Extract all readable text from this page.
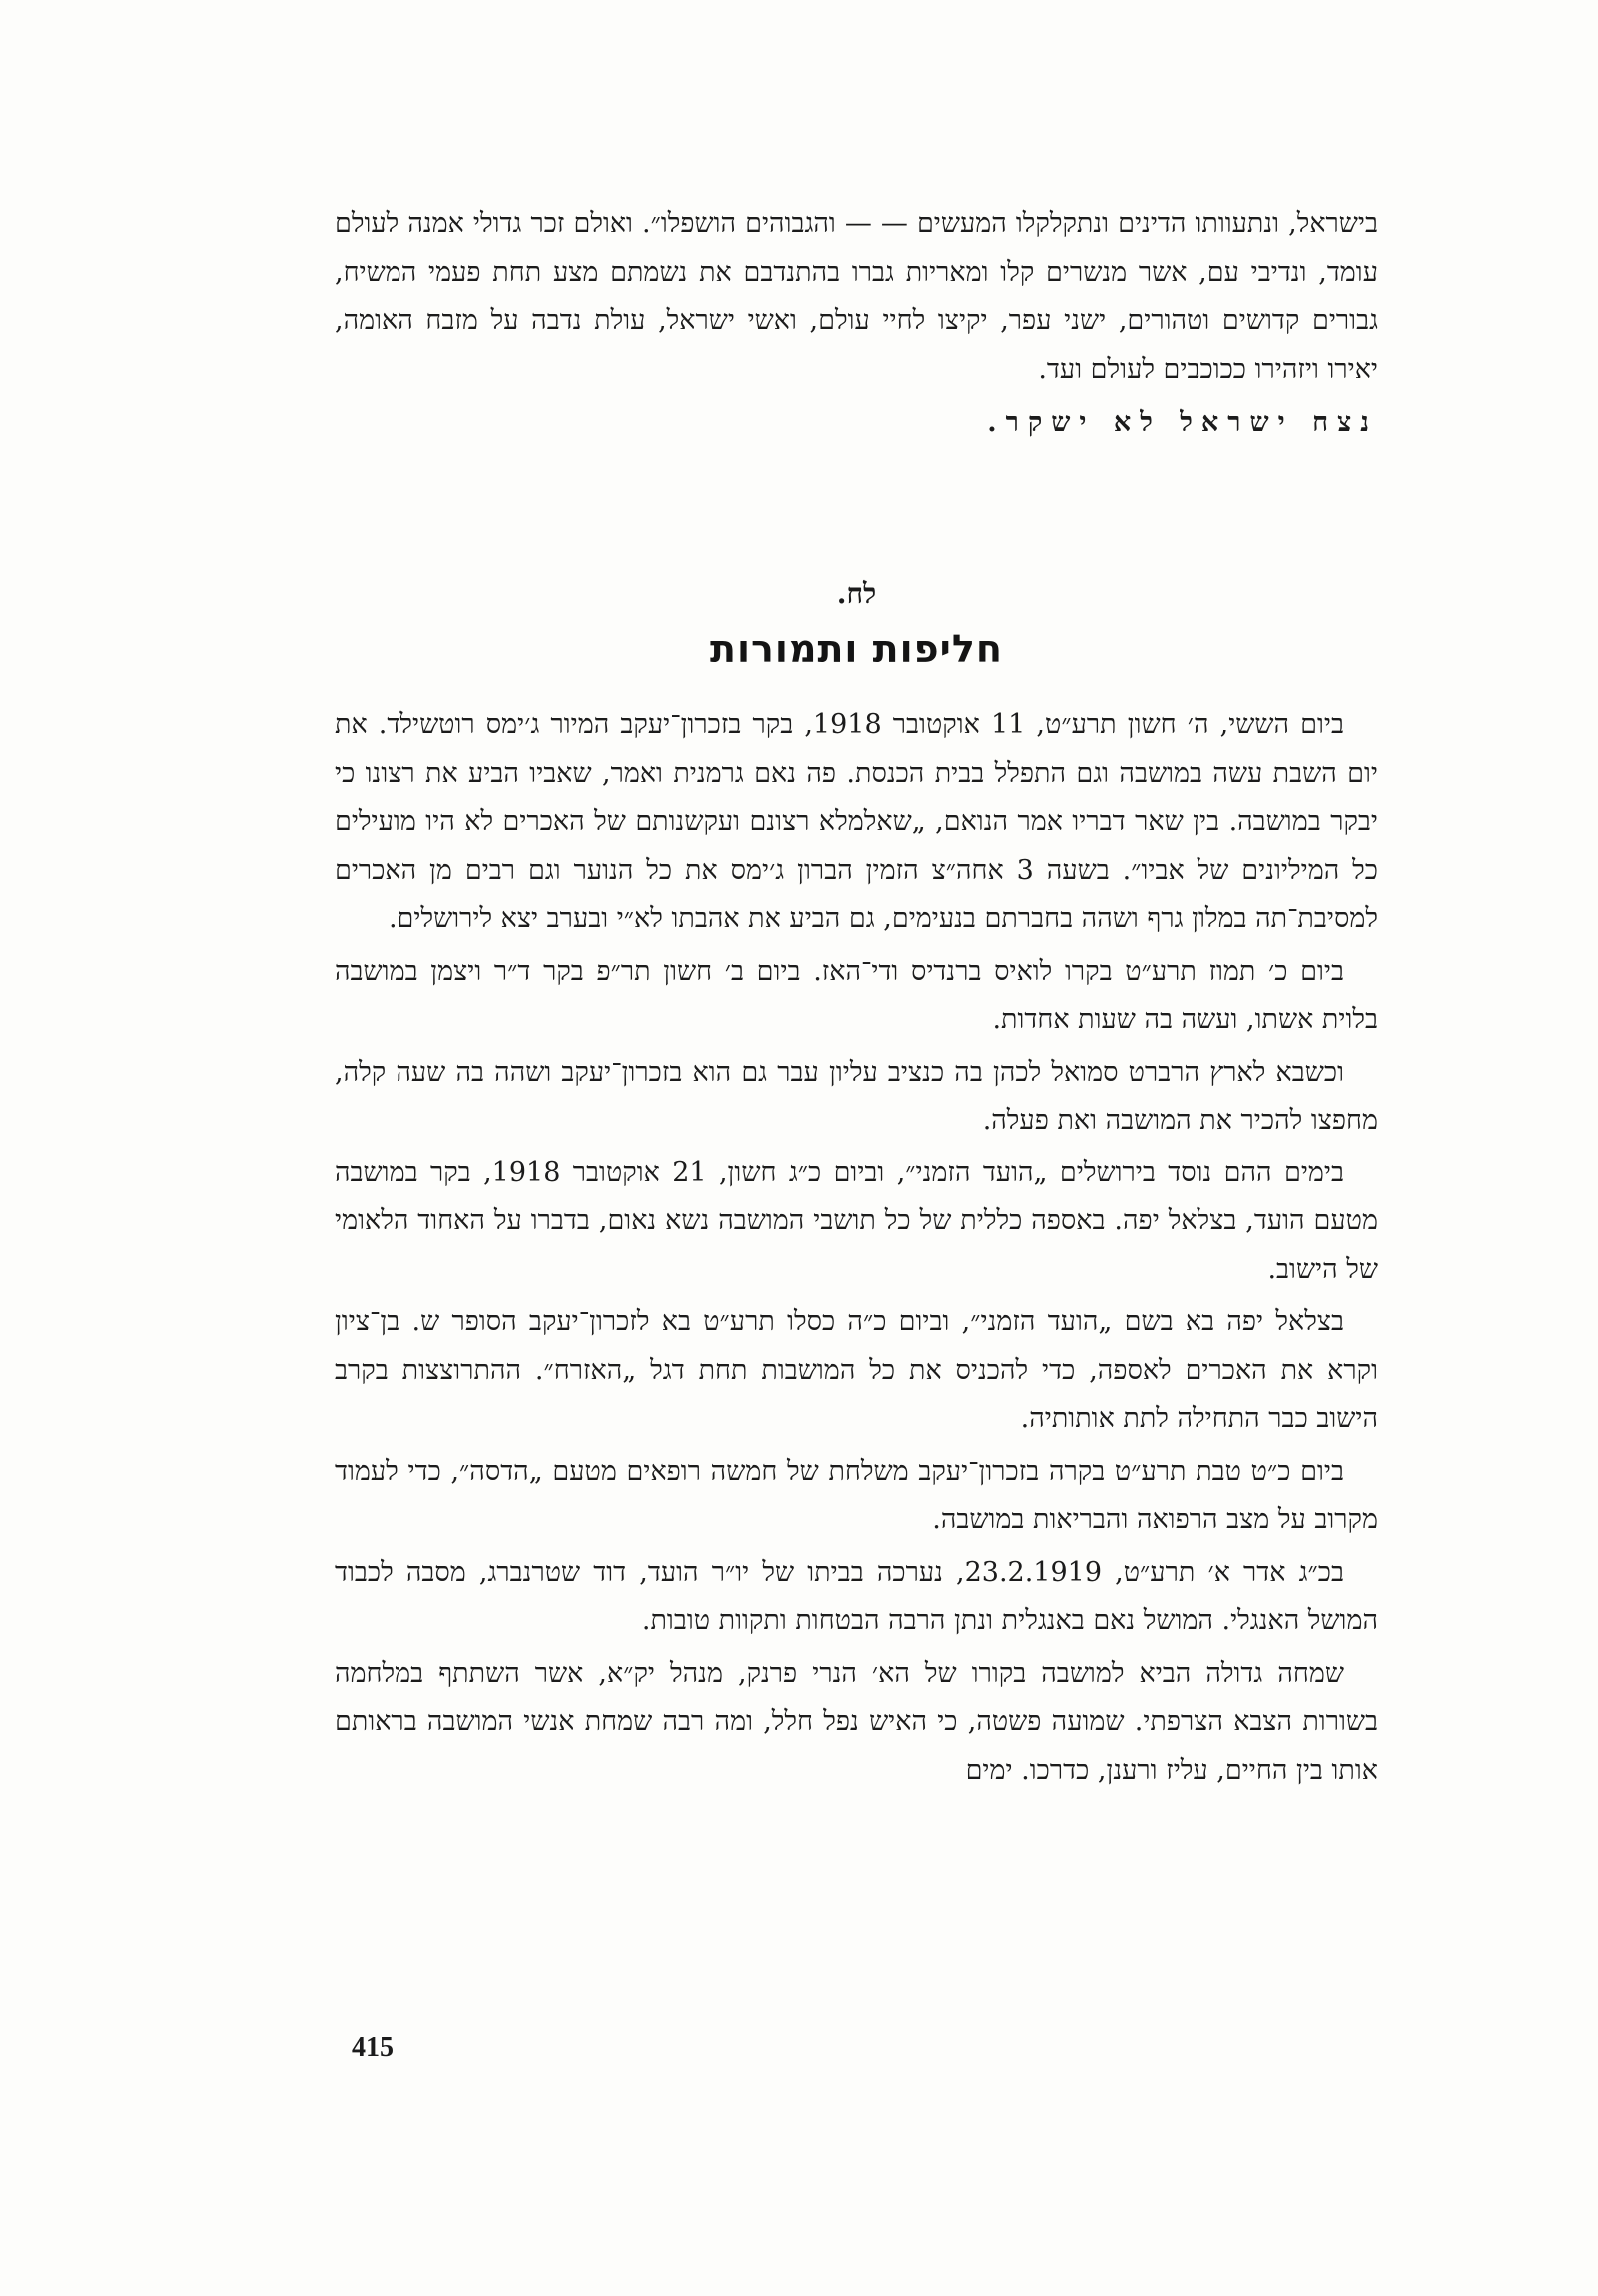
בישראל, ונתעוותו הדינים ונתקלקלו המעשים — — והגבוהים הושפלו״. ואולם זכר גדולי אמנה לעולם עומד, ונדיבי עם, אשר מנשרים קלו ומאריות גברו בהתנדבם את נשמתם מצע תחת פעמי המשיח, גבורים קדושים וטהורים, ישני עפר, יקיצו לחיי עולם, ואשי ישראל, עולת נדבה על מזבח האומה, יאירו ויזהירו ככוכבים לעולם ועד.

נצח ישראל לא ישקר.

לח.
חליפות ותמורות

ביום הששי, ה׳ חשון תרע״ט, 11 אוקטובר 1918, בקר בזכרון־יעקב המיור ג׳ימס רוטשילד. את יום השבת עשה במושבה וגם התפלל בבית הכנסת. פה נאם גרמנית ואמר, שאביו הביע את רצונו כי יבקר במושבה. בין שאר דבריו אמר הנואם, „שאלמלא רצונם ועקשנותם של האכרים לא היו מועילים כל המיליונים של אביו״. בשעה 3 אחה״צ הזמין הברון ג׳ימס את כל הנוער וגם רבים מן האכרים למסיבת־תה במלון גרף ושהה בחברתם בנעימים, גם הביע את אהבתו לא״י ובערב יצא לירושלים.

ביום כ׳ תמוז תרע״ט בקרו לואיס ברנדיס ודי־האז. ביום ב׳ חשון תר״פ בקר ד״ר ויצמן במושבה בלוית אשתו, ועשה בה שעות אחדות.

וכשבא לארץ הרברט סמואל לכהן בה כנציב עליון עבר גם הוא בזכרון־יעקב ושהה בה שעה קלה, מחפצו להכיר את המושבה ואת פעלה.

בימים ההם נוסד בירושלים „הועד הזמני״, וביום כ״ג חשון, 21 אוקטובר 1918, בקר במושבה מטעם הועד, בצלאל יפה. באספה כללית של כל תושבי המושבה נשא נאום, בדברו על האחוד הלאומי של הישוב.

בצלאל יפה בא בשם „הועד הזמני״, וביום כ״ה כסלו תרע״ט בא לזכרון־יעקב הסופר ש. בן־ציון וקרא את האכרים לאספה, כדי להכניס את כל המושבות תחת דגל „האזרח״. ההתרוצצות בקרב הישוב כבר התחילה לתת אותותיה.

ביום כ״ט טבת תרע״ט בקרה בזכרון־יעקב משלחת של חמשה רופאים מטעם „הדסה״, כדי לעמוד מקרוב על מצב הרפואה והבריאות במושבה.

בכ״ג אדר א׳ תרע״ט, 23.2.1919, נערכה בביתו של יו״ר הועד, דוד שטרנברג, מסבה לכבוד המושל האנגלי. המושל נאם באנגלית ונתן הרבה הבטחות ותקוות טובות.

שמחה גדולה הביא למושבה בקורו של הא׳ הנרי פרנק, מנהל יק״א, אשר השתתף במלחמה בשורות הצבא הצרפתי. שמועה פשטה, כי האיש נפל חלל, ומה רבה שמחת אנשי המושבה בראותם אותו בין החיים, עליז ורענן, כדרכו. ימים

415
